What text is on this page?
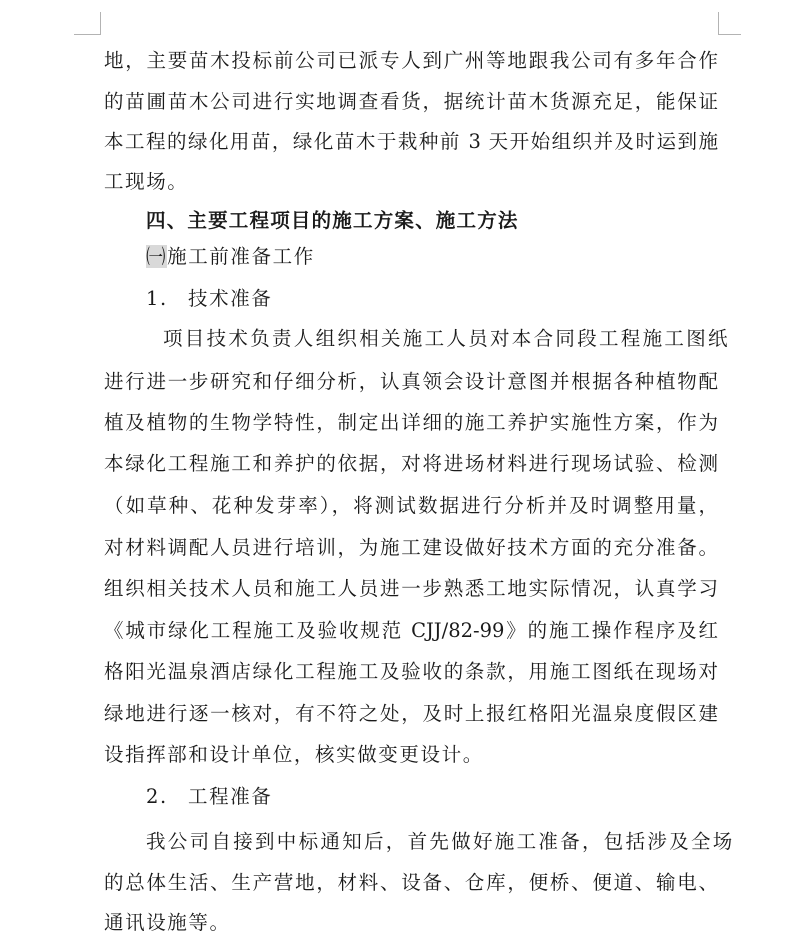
地，主要苗木投标前公司已派专人到广州等地跟我公司有多年合作
的苗圃苗木公司进行实地调查看货，据统计苗木货源充足，能保证
本工程的绿化用苗，绿化苗木于栽种前 3 天开始组织并及时运到施
工现场。
四、主要工程项目的施工方案、施工方法
㈠施工前准备工作
1. 技术准备
项目技术负责人组织相关施工人员对本合同段工程施工图纸
进行进一步研究和仔细分析，认真领会设计意图并根据各种植物配
植及植物的生物学特性，制定出详细的施工养护实施性方案，作为
本绿化工程施工和养护的依据，对将进场材料进行现场试验、检测
（如草种、花种发芽率），将测试数据进行分析并及时调整用量，
对材料调配人员进行培训，为施工建设做好技术方面的充分准备。
组织相关技术人员和施工人员进一步熟悉工地实际情况，认真学习
《城市绿化工程施工及验收规范 CJJ/82-99》的施工操作程序及红
格阳光温泉酒店绿化工程施工及验收的条款，用施工图纸在现场对
绿地进行逐一核对，有不符之处，及时上报红格阳光温泉度假区建
设指挥部和设计单位，核实做变更设计。
2. 工程准备
我公司自接到中标通知后，首先做好施工准备，包括涉及全场
的总体生活、生产营地，材料、设备、仓库，便桥、便道、输电、
通讯设施等。
